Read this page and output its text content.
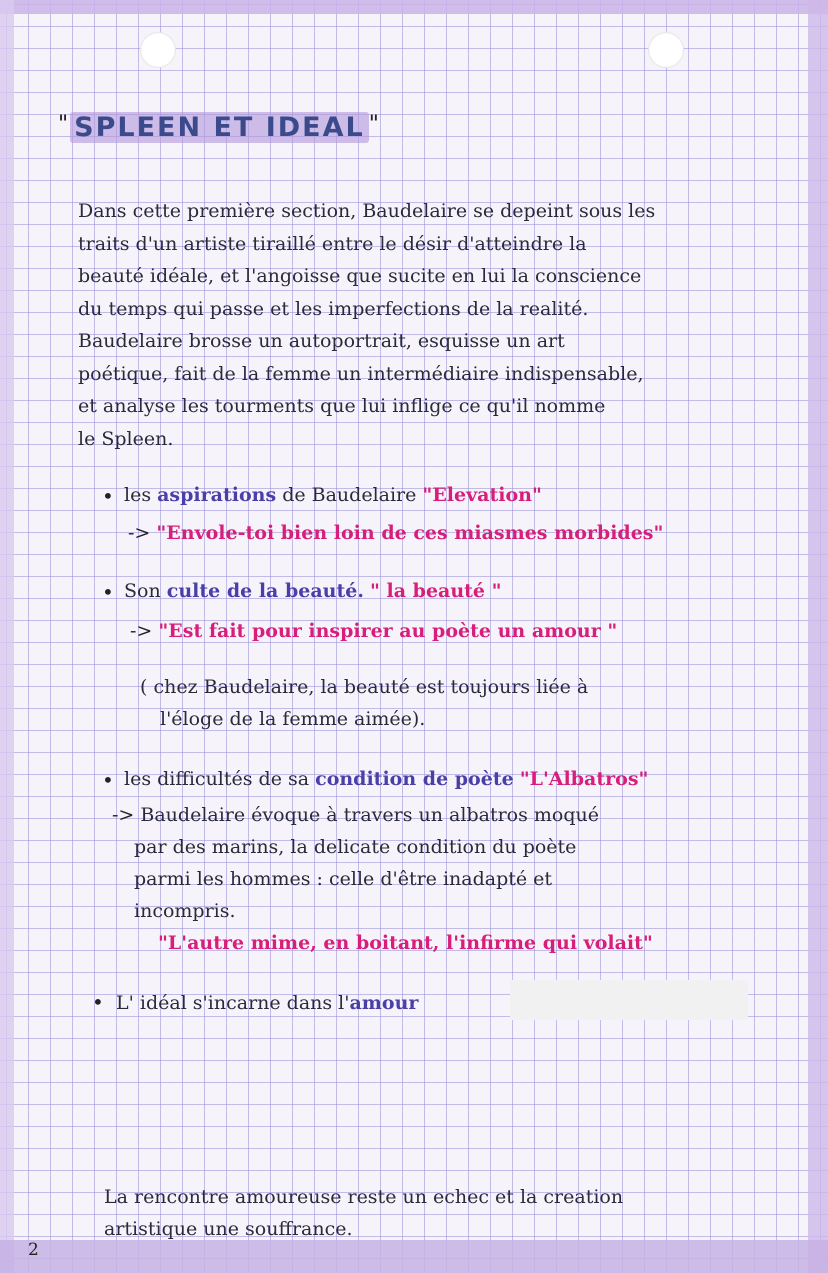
" SPLEEN ET IDEAL "
Dans cette première section, Baudelaire se depeint sous les
traits d'un artiste tiraillé entre le désir d'atteindre la
beauté idéale, et l'angoisse que sucite en lui la conscience
du temps qui passe et les imperfections de la realité.
Baudelaire brosse un autoportrait, esquisse un art
poétique, fait de la femme un intermédiaire indispensable,
et analyse les tourments que lui inflige ce qu'il nomme
le Spleen.
• les aspirations de Baudelaire "Elevation"
-> "Envole-toi bien loin de ces miasmes morbides"
• Son culte de la beauté. " la beauté "
-> "Est fait pour inspirer au poète un amour "
( chez Baudelaire, la beauté est toujours liée à
l'éloge de la femme aimée).
• les difficultés de sa condition de poète "L'Albatros"
-> Baudelaire évoque à travers un albatros moqué
par des marins, la delicate condition du poète
parmi les hommes : celle d'être inadapté et
incompris.
"L'autre mime, en boitant, l'infirme qui volait"
• L' idéal s'incarne dans l'amour
La rencontre amoureuse reste un echec et la creation
artistique une souffrance.
2
